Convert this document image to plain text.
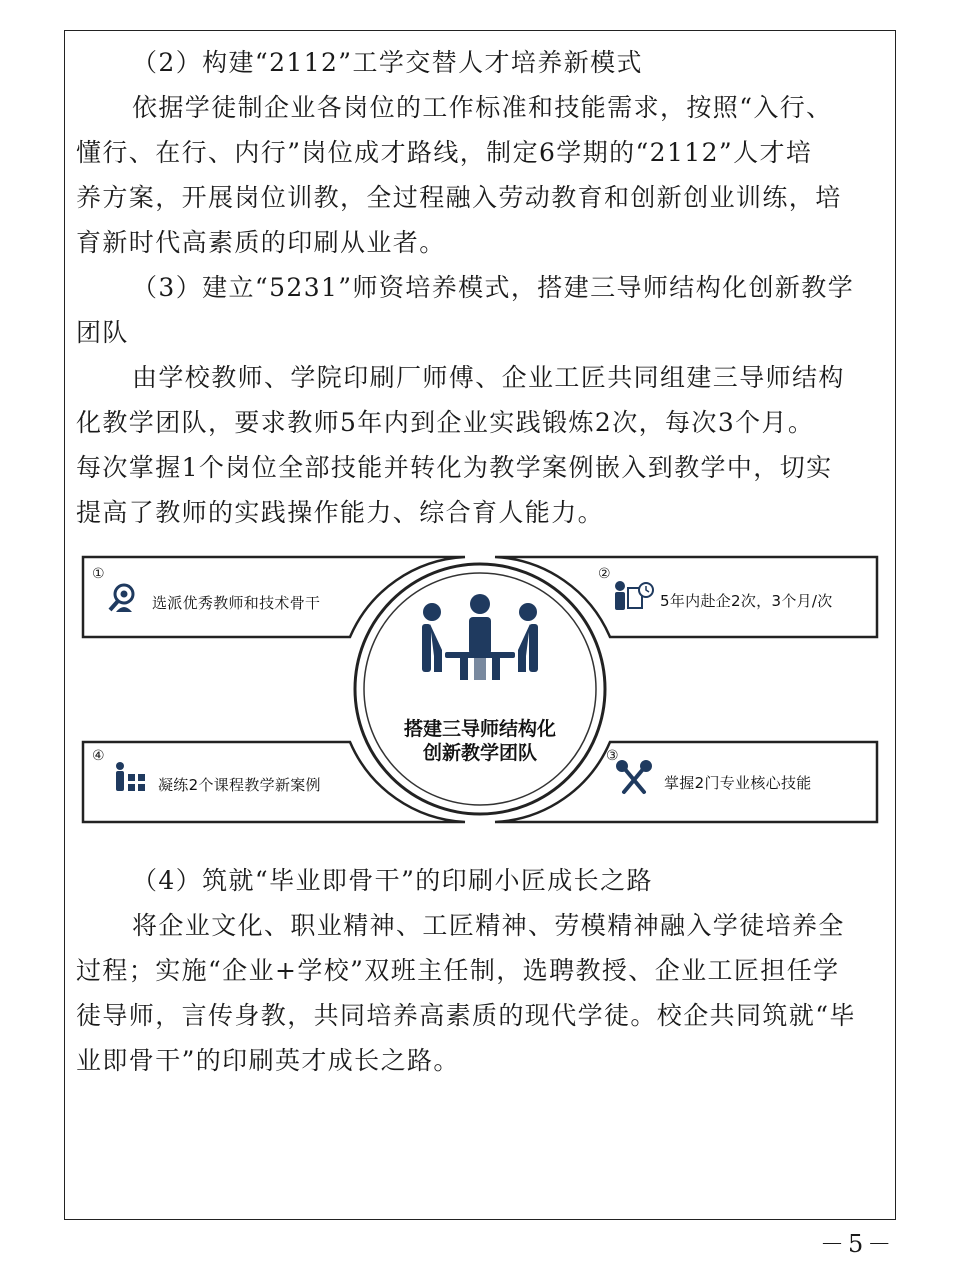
（2）构建“2112”工学交替人才培养新模式

依据学徒制企业各岗位的工作标准和技能需求，按照“入行、
懂行、在行、内行”岗位成才路线，制定6学期的“2112”人才培
养方案，开展岗位训教，全过程融入劳动教育和创新创业训练，培
育新时代高素质的印刷从业者。

（3）建立“5231”师资培养模式，搭建三导师结构化创新教学
团队

由学校教师、学院印刷厂师傅、企业工匠共同组建三导师结构
化教学团队，要求教师5年内到企业实践锻炼2次，每次3个月。
每次掌握1个岗位全部技能并转化为教学案例嵌入到教学中，切实
提高了教师的实践操作能力、综合育人能力。

①
选派优秀教师和技术骨干
②
5年内赴企2次，3个月/次
③
掌握2门专业核心技能
④
凝练2个课程教学新案例
搭建三导师结构化
创新教学团队

（4）筑就“毕业即骨干”的印刷小匠成长之路

将企业文化、职业精神、工匠精神、劳模精神融入学徒培养全
过程；实施“企业+学校”双班主任制，选聘教授、企业工匠担任学
徒导师，言传身教，共同培养高素质的现代学徒。校企共同筑就“毕
业即骨干”的印刷英才成长之路。

－5－
